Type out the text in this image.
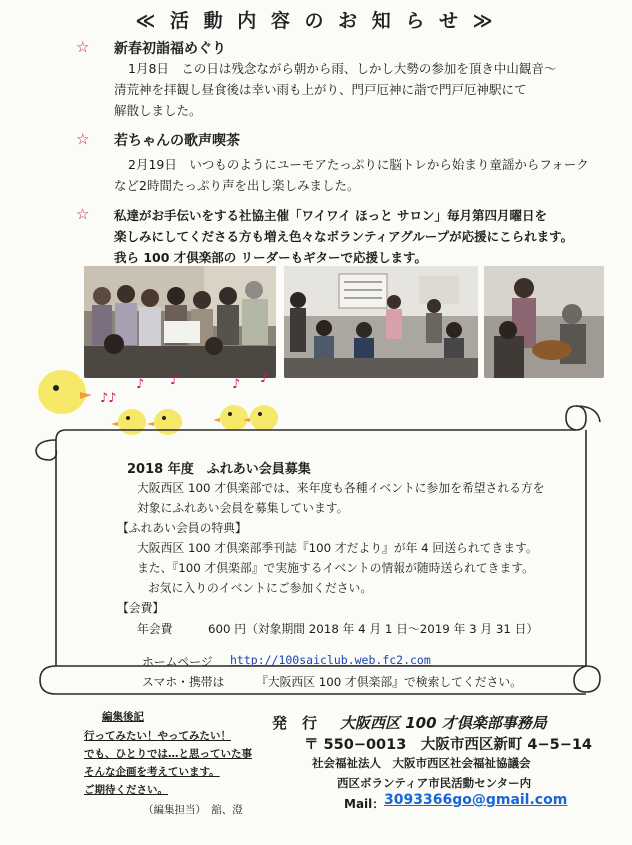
≪ 活 動 内 容 の お 知 ら せ ≫
☆ 新春初詣福めぐり
1月8日　この日は残念ながら朝から雨、しかし大勢の参加を頂き中山観音～
清荒神を拝観し昼食後は幸い雨も上がり、門戸厄神に詣で門戸厄神駅にて
解散しました。
☆ 若ちゃんの歌声喫茶
2月19日　いつものようにユーモアたっぷりに脳トレから始まり童謡からフォーク
など2時間たっぷり声を出し楽しみました。
☆ 私達がお手伝いをする社協主催「ワイワイ ほっと サロン」毎月第四月曜日を
楽しみにしてくださる方も増え色々なボランティアグループが応援にこられます。
我ら 100 才倶楽部の リーダーもギターで応援します。
♪♪
♪ ♪	♪ ♪
2018 年度　ふれあい会員募集
大阪西区 100 才倶楽部では、来年度も各種イベントに参加を希望される方を
対象にふれあい会員を募集しています。
【ふれあい会員の特典】
大阪西区 100 才倶楽部季刊誌『100 才だより』が年 4 回送られてきます。
また、『100 才倶楽部』で実施するイベントの情報が随時送られてきます。
お気に入りのイベントにご参加ください。
【会費】
年会費	600 円（対象期間 2018 年 4 月 1 日～2019 年 3 月 31 日）
ホームページ http://100saiclub.web.fc2.com
スマホ・携帯は	『大阪西区 100 才倶楽部』で検索してください。
編集後記
行ってみたい！やってみたい！
でも、ひとりでは…と思っていた事
そんな企画を考えています。
ご期待ください。
（編集担当）　舘、澄
発　行 大阪西区 100 才倶楽部事務局
〒 550−0013　大阪市西区新町 4−5−14
社会福祉法人　大阪市西区社会福祉協議会
西区ボランティア市民活動センター内
Mail： 3093366go@gmail.com
